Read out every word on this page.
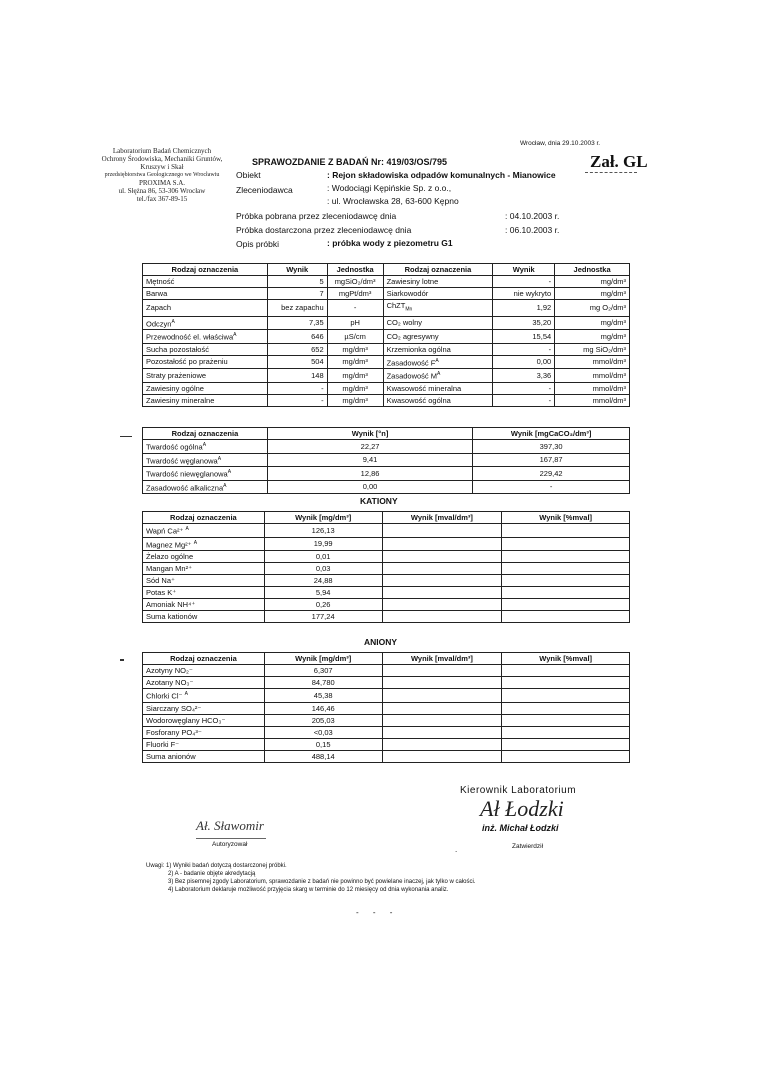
Wrocław, dnia 29.10.2003 r.
Laboratorium Badań Chemicznych
Ochrony Środowiska, Mechaniki Gruntów,
Kruszyw i Skał
przedsiębiorstwa Geologicznego we Wrocławiu
PROXIMA S.A.
ul. Słężna 86, 53-306 Wrocław
tel./fax 367-89-15
SPRAWOZDANIE Z BADAŃ Nr: 419/03/OS/795	Zał. GL
Obiekt	: Rejon składowiska odpadów komunalnych - Mianowice
Zleceniodawca	: Wodociągi Kępińskie Sp. z o.o.,
: ul. Wrocławska 28, 63-600 Kępno
Próbka pobrana przez zleceniodawcę dnia	: 04.10.2003 r.
Próbka dostarczona przez zleceniodawcę dnia	: 06.10.2003 r.
Opis próbki	: próbka wody z piezometru G1
Rodzaj oznaczenia	Wynik	Jednostka	Rodzaj oznaczenia	Wynik	Jednostka
Mętność	5	mgSiO₂/dm³	Zawiesiny lotne	-	mg/dm³
Barwa	7	mgPt/dm³	Siarkowodór	nie wykryto	mg/dm³
Zapach	bez zapachu	-	ChZT$_{Mn}$	1,92	mg O₂/dm³
Odczyn$^A$	7,35	pH	CO₂ wolny	35,20	mg/dm³
Przewodność el. właściwa$^A$	646	µS/cm	CO₂ agresywny	15,54	mg/dm³
Sucha pozostałość	652	mg/dm³	Krzemionka ogólna	-	mg SiO₂/dm³
Pozostałość po prażeniu	504	mg/dm³	Zasadowość $F^A$	0,00	mmol/dm³
Straty prażeniowe	148	mg/dm³	Zasadowość $M^A$	3,36	mmol/dm³
Zawiesiny ogólne	-	mg/dm³	Kwasowość mineralna	-	mmol/dm³
Zawiesiny mineralne	-	mg/dm³	Kwasowość ogólna	-	mmol/dm³
Rodzaj oznaczenia	Wynik [°n]	Wynik [mgCaCO₃/dm³]
Twardość ogólna$^A$	22,27	397,30
Twardość węglanowa$^A$	9,41	167,87
Twardość niewęglanowa$^A$	12,86	229,42
Zasadowość alkaliczna$^A$	0,00	-
KATIONY
Rodzaj oznaczenia	Wynik [mg/dm³]	Wynik [mval/dm³]	Wynik [%mval]
Wapń Ca²⁺ $^A$	126,13		
Magnez Mg²⁺ $^A$	19,99		
Żelazo ogólne	0,01		
Mangan Mn²⁺	0,03		
Sód Na⁺	24,88		
Potas K⁺	5,94		
Amoniak NH⁴⁺	0,26		
Suma kationów	177,24		
ANIONY
Rodzaj oznaczenia	Wynik [mg/dm³]	Wynik [mval/dm³]	Wynik [%mval]
Azotyny NO₂⁻	6,307		
Azotany NO₃⁻	84,780		
Chlorki Cl⁻ $^A$	45,38		
Siarczany SO₄²⁻	146,46		
Wodorowęglany HCO₃⁻	205,03		
Fosforany PO₄³⁻	<0,03		
Fluorki F⁻	0,15		
Suma anionów	488,14		
Kierownik Laboratorium
Ał Łodzki
inż. Michał Łodzki
Zatwierdził
.
Ał. Sławomir
Autoryzował
Uwagi: 1) Wyniki badań dotyczą dostarczonej próbki.
2) A - badanie objęte akredytacją
3) Bez pisemnej zgody Laboratorium, sprawozdanie z badań nie powinno być powielane inaczej, jak tylko w całości.
4) Laboratorium deklaruje możliwość przyjęcia skarg w terminie do 12 miesięcy od dnia wykonania analiz.
- - -
